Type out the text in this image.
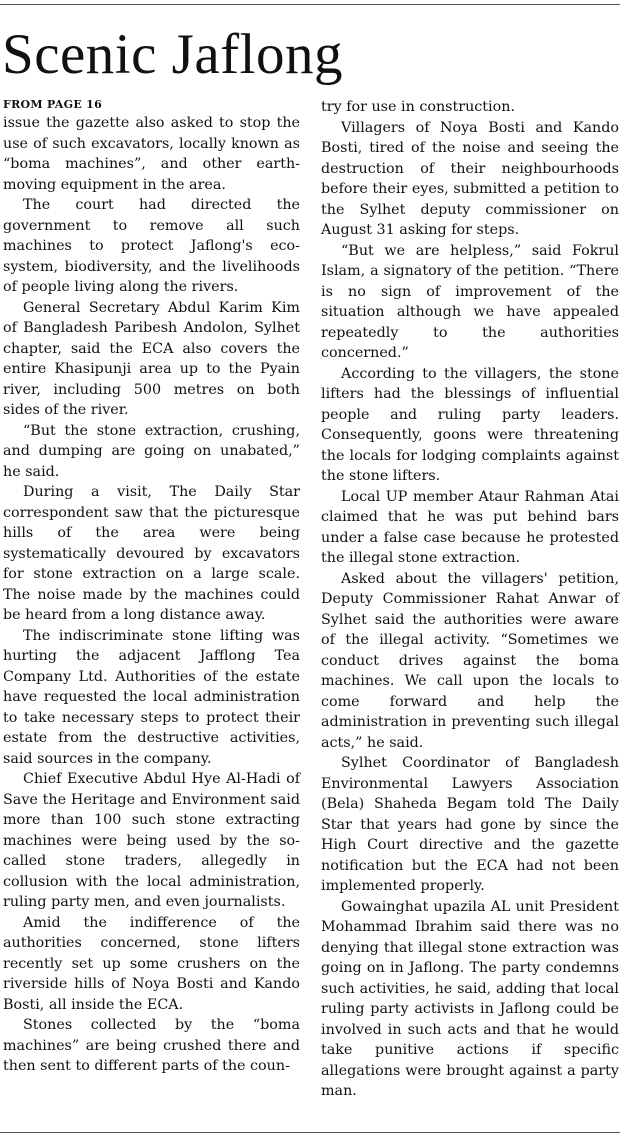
Scenic Jaflong
FROM PAGE 16

issue the gazette also asked to stop the use of such excavators, locally known as “boma machines”, and other earth-moving equipment in the area.

The court had directed the government to remove all such machines to protect Jaflong's eco-system, biodiversity, and the livelihoods of people living along the rivers.

General Secretary Abdul Karim Kim of Bangladesh Paribesh Andolon, Sylhet chapter, said the ECA also covers the entire Khasipunji area up to the Pyain river, including 500 metres on both sides of the river.

“But the stone extraction, crushing, and dumping are going on unabated,” he said.

During a visit, The Daily Star correspondent saw that the picturesque hills of the area were being systematically devoured by excavators for stone extraction on a large scale. The noise made by the machines could be heard from a long distance away.

The indiscriminate stone lifting was hurting the adjacent Jafflong Tea Company Ltd. Authorities of the estate have requested the local administration to take necessary steps to protect their estate from the destructive activities, said sources in the company.

Chief Executive Abdul Hye Al-Hadi of Save the Heritage and Environment said more than 100 such stone extracting machines were being used by the so-called stone traders, allegedly in collusion with the local administration, ruling party men, and even journalists.

Amid the indifference of the authorities concerned, stone lifters recently set up some crushers on the riverside hills of Noya Bosti and Kando Bosti, all inside the ECA.

Stones collected by the “boma machines” are being crushed there and then sent to different parts of the coun-

try for use in construction.

Villagers of Noya Bosti and Kando Bosti, tired of the noise and seeing the destruction of their neighbourhoods before their eyes, submitted a petition to the Sylhet deputy commissioner on August 31 asking for steps.

“But we are helpless,” said Fokrul Islam, a signatory of the petition. “There is no sign of improvement of the situation although we have appealed repeatedly to the authorities concerned.”

According to the villagers, the stone lifters had the blessings of influential people and ruling party leaders. Consequently, goons were threatening the locals for lodging complaints against the stone lifters.

Local UP member Ataur Rahman Atai claimed that he was put behind bars under a false case because he protested the illegal stone extraction.

Asked about the villagers' petition, Deputy Commissioner Rahat Anwar of Sylhet said the authorities were aware of the illegal activity. “Sometimes we conduct drives against the boma machines. We call upon the locals to come forward and help the administration in preventing such illegal acts,” he said.

Sylhet Coordinator of Bangladesh Environmental Lawyers Association (Bela) Shaheda Begam told The Daily Star that years had gone by since the High Court directive and the gazette notification but the ECA had not been implemented properly.

Gowainghat upazila AL unit President Mohammad Ibrahim said there was no denying that illegal stone extraction was going on in Jaflong. The party condemns such activities, he said, adding that local ruling party activists in Jaflong could be involved in such acts and that he would take punitive actions if specific allegations were brought against a party man.
